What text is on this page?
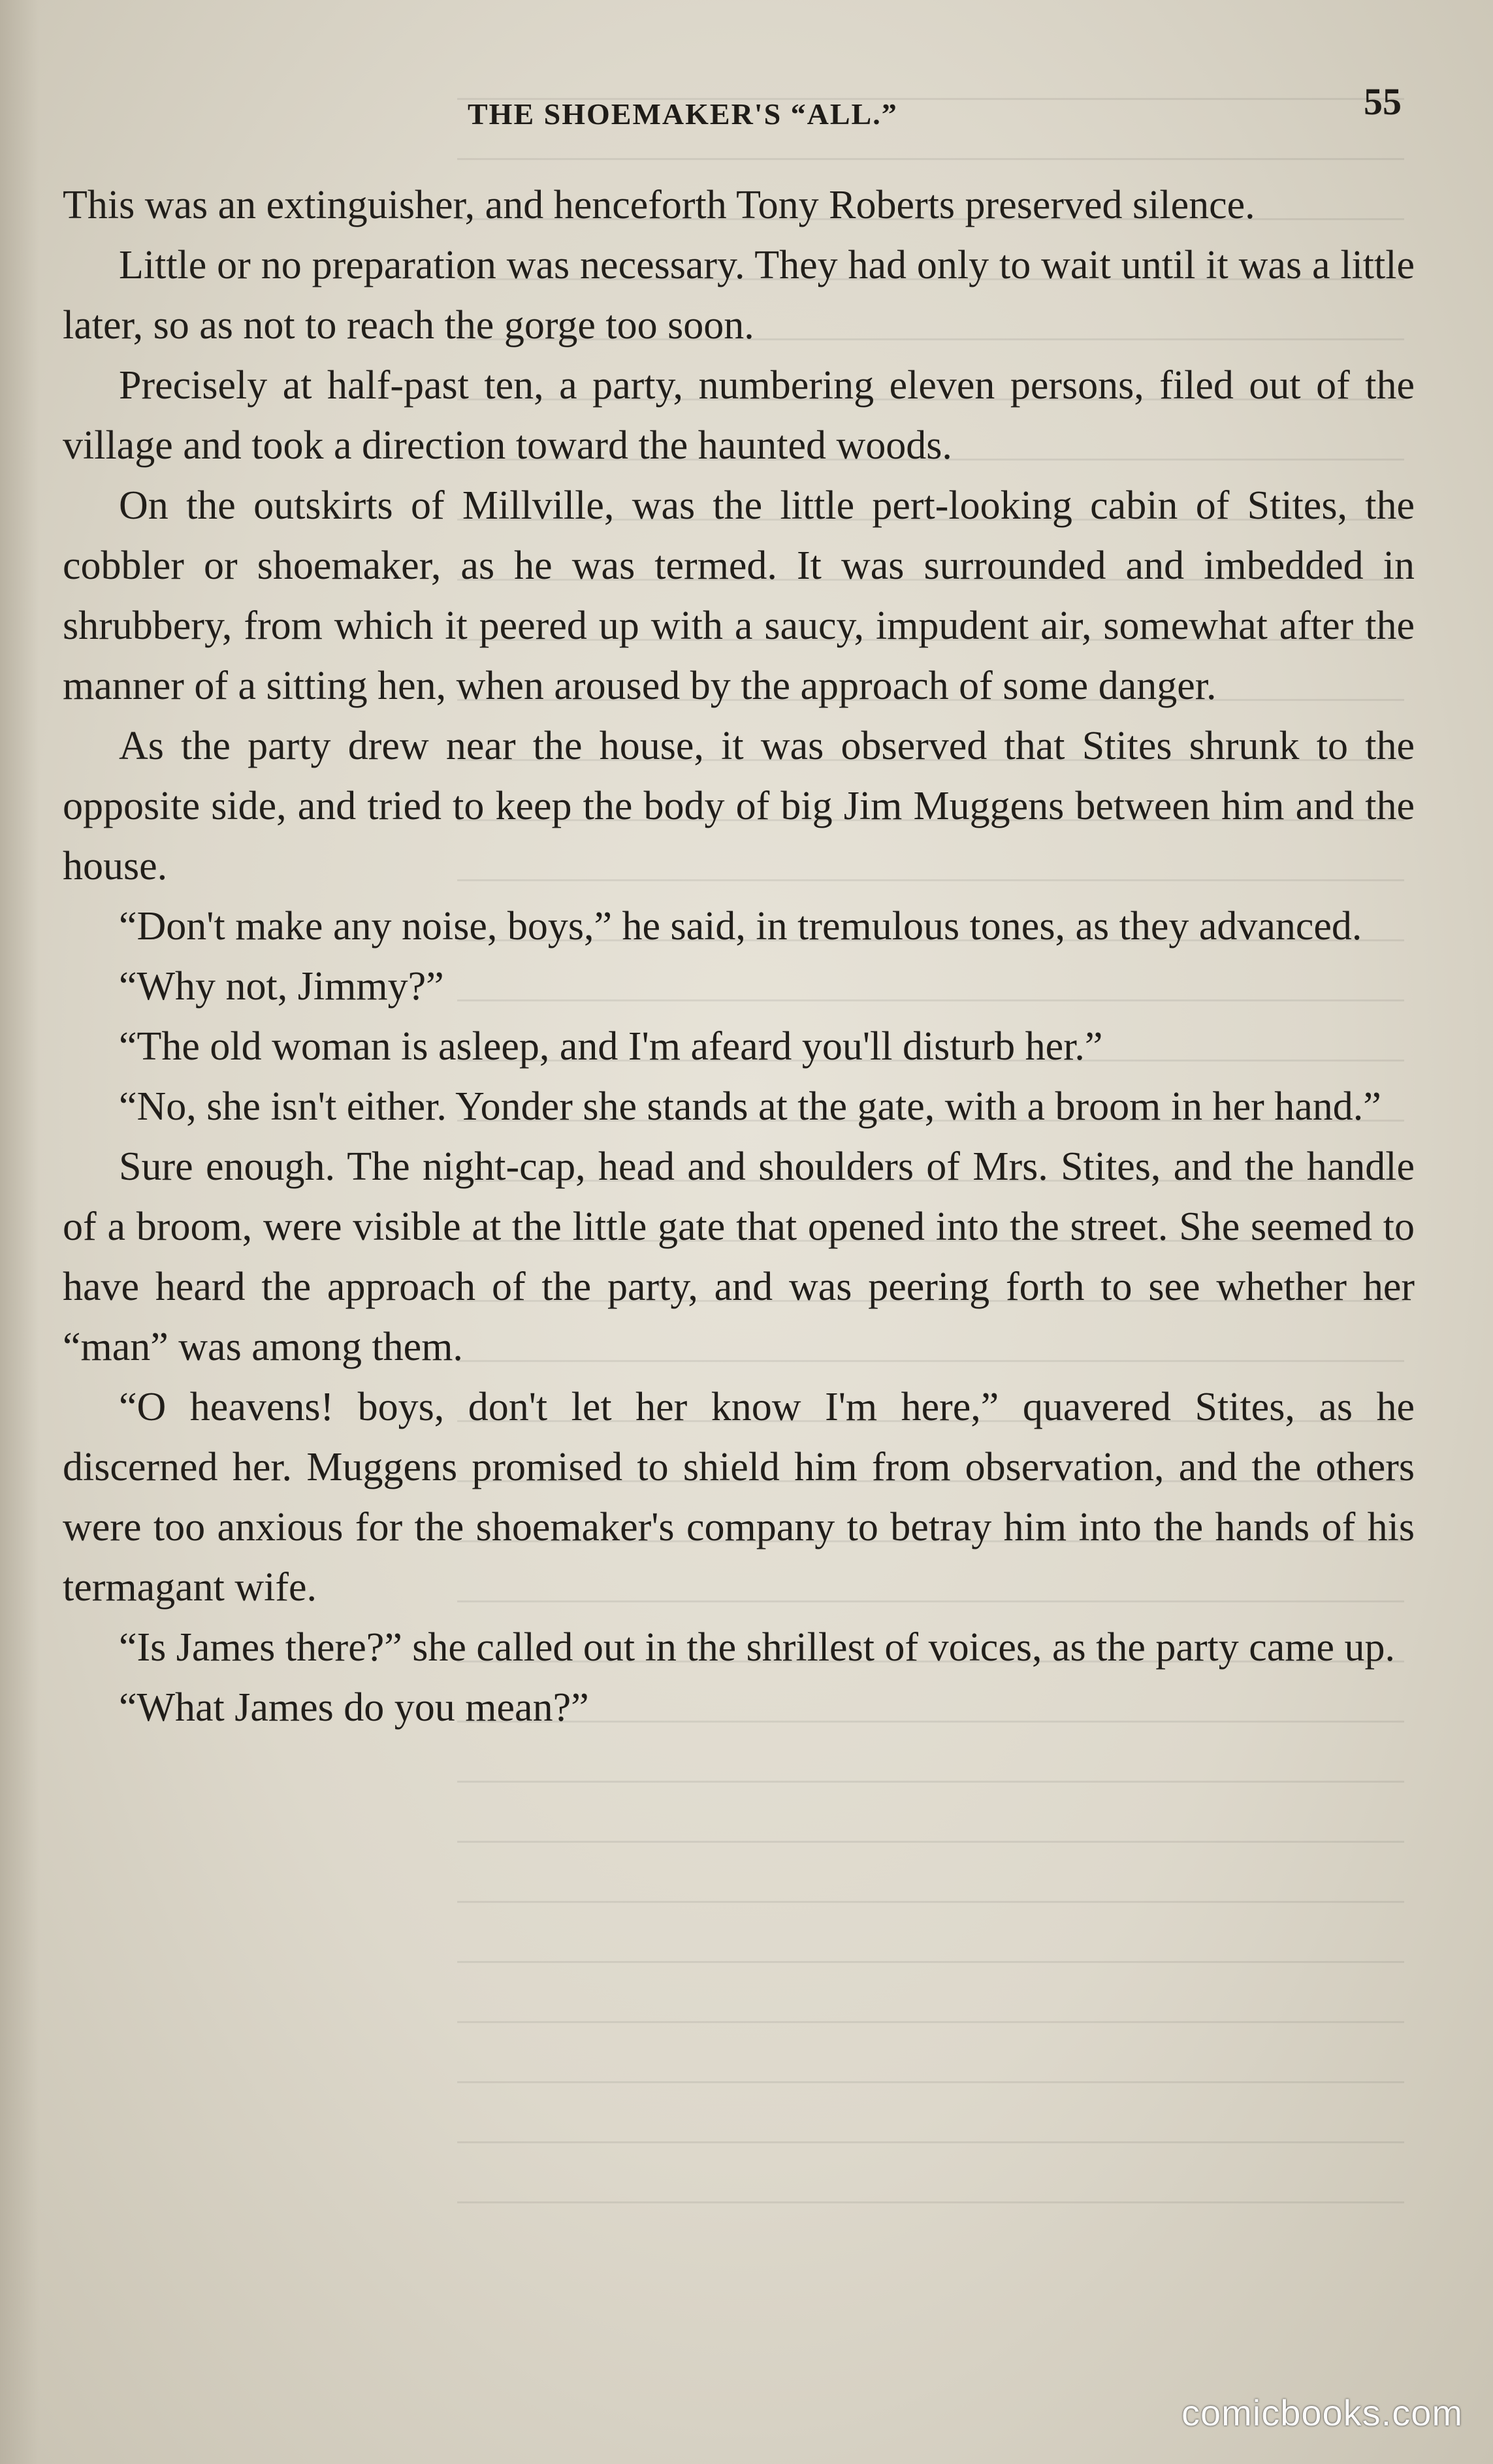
THE SHOEMAKER'S “ALL.”	55

This was an extinguisher, and henceforth Tony Roberts preserved silence.

Little or no preparation was necessary. They had only to wait until it was a little later, so as not to reach the gorge too soon.

Precisely at half-past ten, a party, numbering eleven persons, filed out of the village and took a direction toward the haunted woods.

On the outskirts of Millville, was the little pert-looking cabin of Stites, the cobbler or shoemaker, as he was termed. It was surrounded and imbedded in shrubbery, from which it peered up with a saucy, impudent air, somewhat after the manner of a sitting hen, when aroused by the approach of some danger.

As the party drew near the house, it was observed that Stites shrunk to the opposite side, and tried to keep the body of big Jim Muggens between him and the house.

“Don't make any noise, boys,” he said, in tremulous tones, as they advanced.

“Why not, Jimmy?”

“The old woman is asleep, and I'm afeard you'll disturb her.”

“No, she isn't either. Yonder she stands at the gate, with a broom in her hand.”

Sure enough. The night-cap, head and shoulders of Mrs. Stites, and the handle of a broom, were visible at the little gate that opened into the street. She seemed to have heard the approach of the party, and was peering forth to see whether her “man” was among them.

“O heavens! boys, don't let her know I'm here,” quavered Stites, as he discerned her. Muggens promised to shield him from observation, and the others were too anxious for the shoemaker's company to betray him into the hands of his termagant wife.

“Is James there?” she called out in the shrillest of voices, as the party came up.

“What James do you mean?”

comicbooks.com
